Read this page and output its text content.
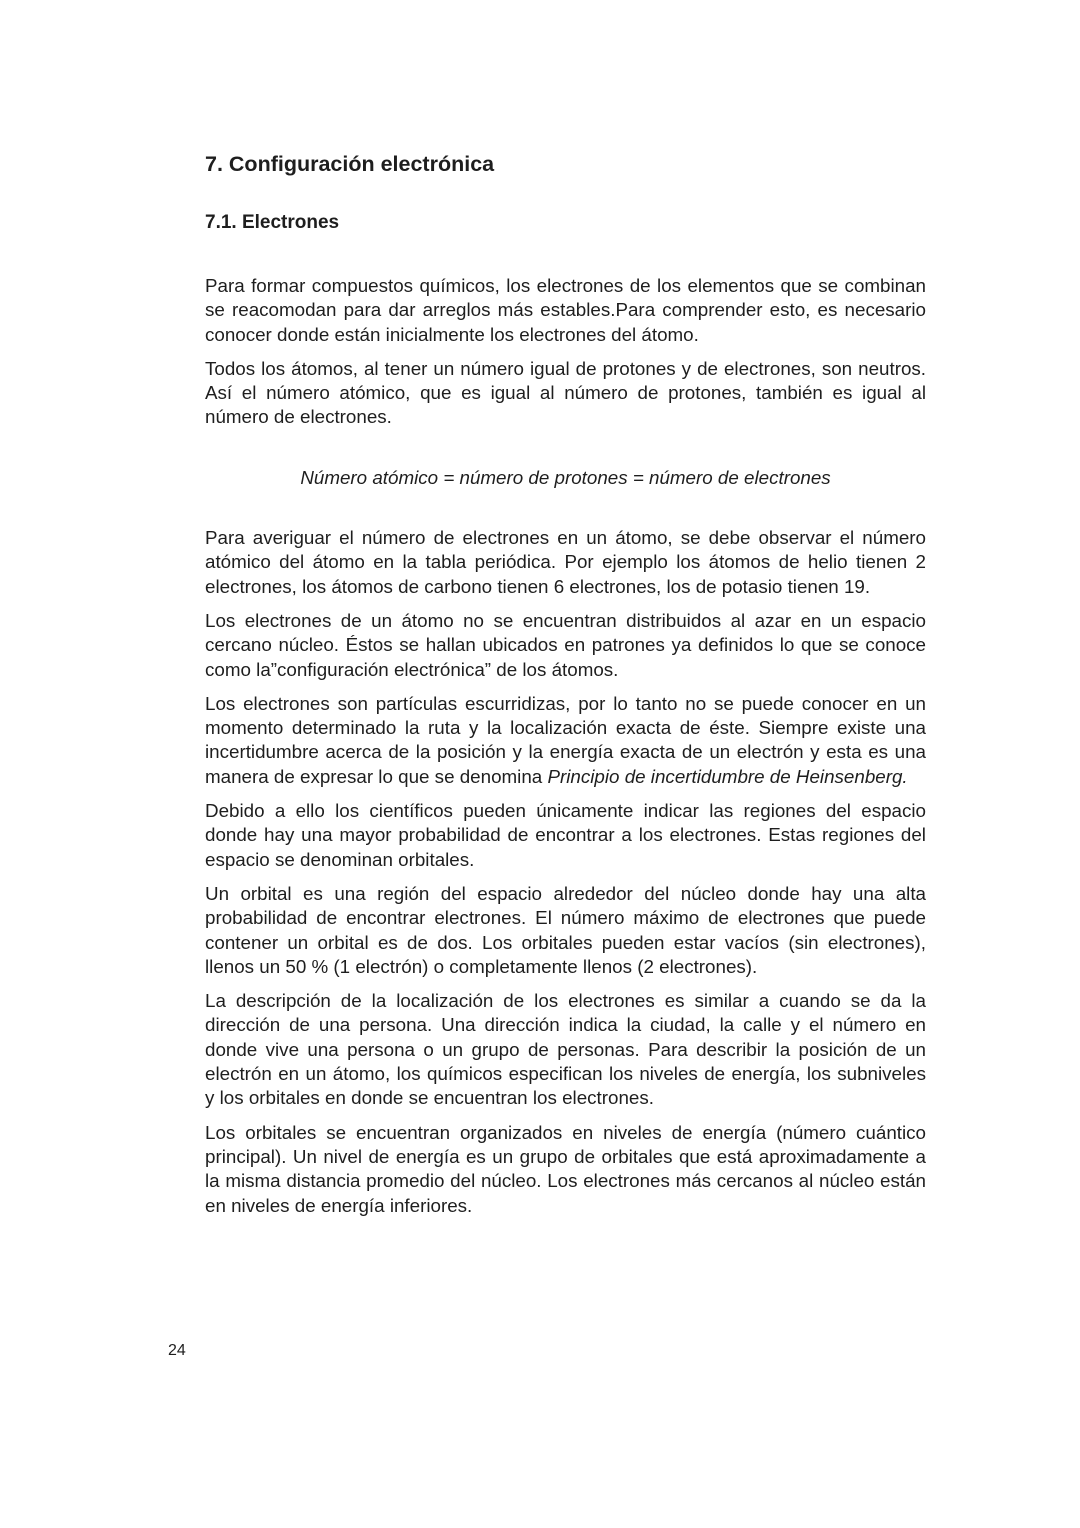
7. Configuración electrónica
7.1. Electrones

Para formar compuestos químicos, los electrones de los elementos que se combinan se reacomodan para dar arreglos más estables.Para comprender esto, es necesario conocer donde están inicialmente los electrones del átomo.

Todos los átomos, al tener un número igual de protones y de electrones, son neutros. Así el número atómico, que es igual al número de protones, también es igual al número de electrones.

Número atómico = número de protones = número de electrones

Para averiguar el número de electrones en un átomo, se debe observar el número atómico del átomo en la tabla periódica. Por ejemplo los átomos de helio tienen 2 electrones, los átomos de carbono tienen 6 electrones, los de potasio tienen 19.

Los electrones de un átomo no se encuentran distribuidos al azar en un espacio cercano núcleo. Éstos se hallan ubicados en patrones ya definidos lo que se conoce como la”configuración electrónica” de los átomos.

Los electrones son partículas escurridizas, por lo tanto no se puede conocer en un momento determinado la ruta y la localización exacta de éste. Siempre existe una incertidumbre acerca de la posición y la energía exacta de un electrón y esta es una manera de expresar lo que se denomina Principio de incertidumbre de Heinsenberg.

Debido a ello los científicos pueden únicamente indicar las regiones del espacio donde hay una mayor probabilidad de encontrar a los electrones. Estas regiones del espacio se denominan orbitales.

Un orbital es una región del espacio alrededor del núcleo donde hay una alta probabilidad de encontrar electrones. El número máximo de electrones que puede contener un orbital es de dos. Los orbitales pueden estar vacíos (sin electrones), llenos un 50 % (1 electrón) o completamente llenos (2 electrones).

La descripción de la localización de los electrones es similar a cuando se da la dirección de una persona. Una dirección indica la ciudad, la calle y el número en donde vive una persona o un grupo de personas. Para describir la posición de un electrón en un átomo, los químicos especifican los niveles de energía, los subniveles y los orbitales en donde se encuentran los electrones.

Los orbitales se encuentran organizados en niveles de energía (número cuántico principal). Un nivel de energía es un grupo de orbitales que está aproximadamente a la misma distancia promedio del núcleo. Los electrones más cercanos al núcleo están en niveles de energía inferiores.

24
